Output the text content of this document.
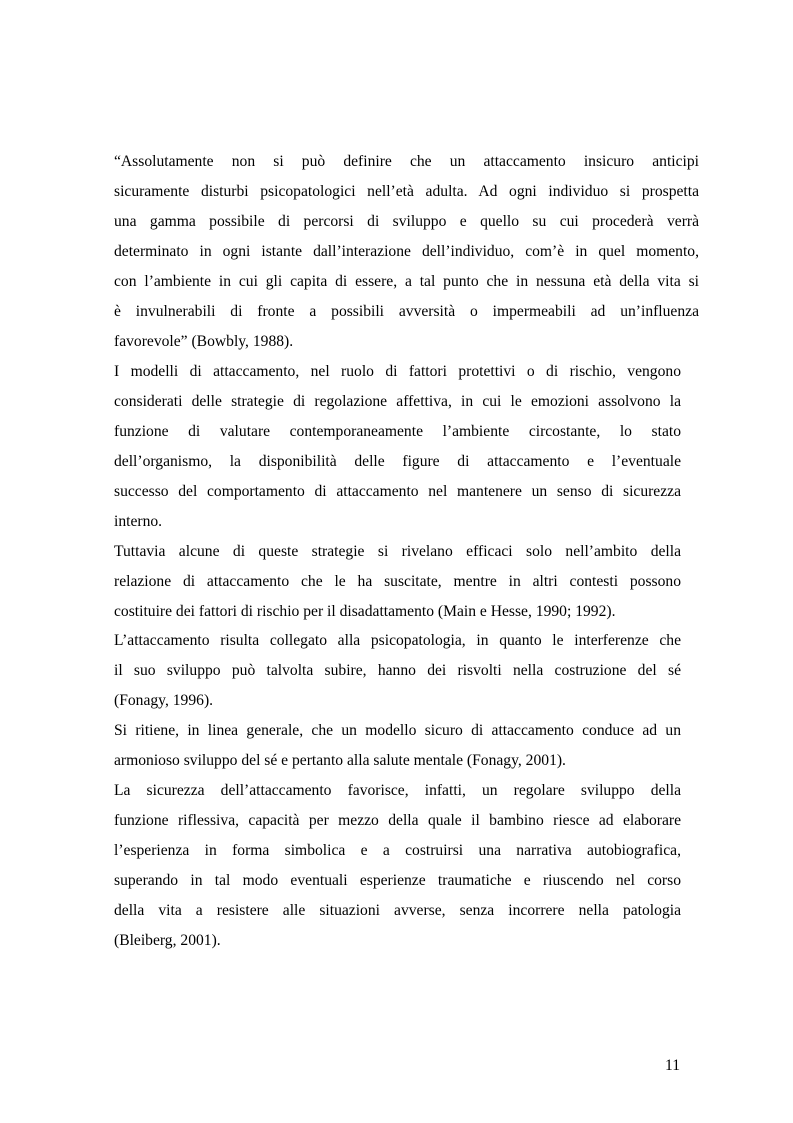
“Assolutamente non si può definire che un attaccamento insicuro anticipi
sicuramente disturbi psicopatologici nell’età adulta. Ad ogni individuo si prospetta
una gamma possibile di percorsi di sviluppo e quello su cui procederà verrà
determinato in ogni istante dall’interazione dell’individuo, com’è in quel momento,
con l’ambiente in cui gli capita di essere, a tal punto che in nessuna età della vita si
è invulnerabili di fronte a possibili avversità o impermeabili ad un’influenza
favorevole” (Bowbly, 1988).
I modelli di attaccamento, nel ruolo di fattori protettivi o di rischio, vengono
considerati delle strategie di regolazione affettiva, in cui le emozioni assolvono la
funzione di valutare contemporaneamente l’ambiente circostante, lo stato
dell’organismo, la disponibilità delle figure di attaccamento e l’eventuale
successo del comportamento di attaccamento nel mantenere un senso di sicurezza
interno.
Tuttavia alcune di queste strategie si rivelano efficaci solo nell’ambito della
relazione di attaccamento che le ha suscitate, mentre in altri contesti possono
costituire dei fattori di rischio per il disadattamento (Main e Hesse, 1990; 1992).
L’attaccamento risulta collegato alla psicopatologia, in quanto le interferenze che
il suo sviluppo può talvolta subire, hanno dei risvolti nella costruzione del sé
(Fonagy, 1996).
Si ritiene, in linea generale, che un modello sicuro di attaccamento conduce ad un
armonioso sviluppo del sé e pertanto alla salute mentale (Fonagy, 2001).
La sicurezza dell’attaccamento favorisce, infatti, un regolare sviluppo della
funzione riflessiva, capacità per mezzo della quale il bambino riesce ad elaborare
l’esperienza in forma simbolica e a costruirsi una narrativa autobiografica,
superando in tal modo eventuali esperienze traumatiche e riuscendo nel corso
della vita a resistere alle situazioni avverse, senza incorrere nella patologia
(Bleiberg, 2001).
11
